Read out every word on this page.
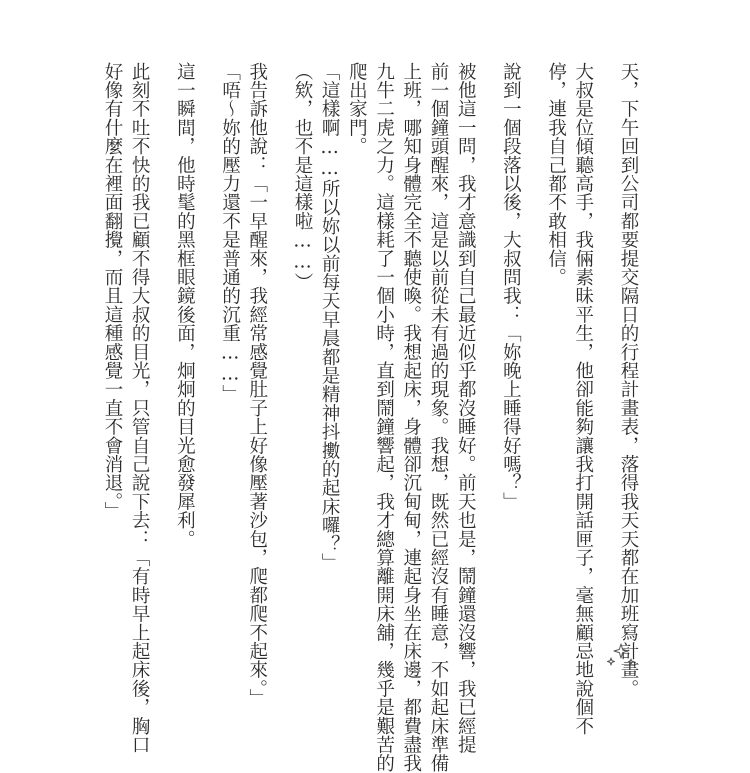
天，下午回到公司都要提交隔日的行程計畫表，落得我天天都在加班寫計畫。
大叔是位傾聽高手，我倆素昧平生，他卻能夠讓我打開話匣子，毫無顧忌地說個不
停，連我自己都不敢相信。
說到一個段落以後，大叔問我：「妳晚上睡得好嗎？」
被他這一問，我才意識到自己最近似乎都沒睡好。前天也是，鬧鐘還沒響，我已經提
前一個鐘頭醒來，這是以前從未有過的現象。我想，既然已經沒有睡意，不如起床準備
上班，哪知身體完全不聽使喚。我想起床，身體卻沉甸甸，連起身坐在床邊，都費盡我
九牛二虎之力。這樣耗了一個小時，直到鬧鐘響起，我才總算離開床舖，幾乎是艱苦的
爬出家門。
「這樣啊……所以妳以前每天早晨都是精神抖擻的起床囉？」
（欸，也不是這樣啦……）
我告訴他說：「一早醒來，我經常感覺肚子上好像壓著沙包，爬都爬不起來。」
「唔～妳的壓力還不是普通的沉重……」
這一瞬間，他時髦的黑框眼鏡後面，炯炯的目光愈發犀利。
此刻不吐不快的我已顧不得大叔的目光，只管自己說下去：「有時早上起床後，胸口
好像有什麼在裡面翻攪，而且這種感覺一直不會消退。」
